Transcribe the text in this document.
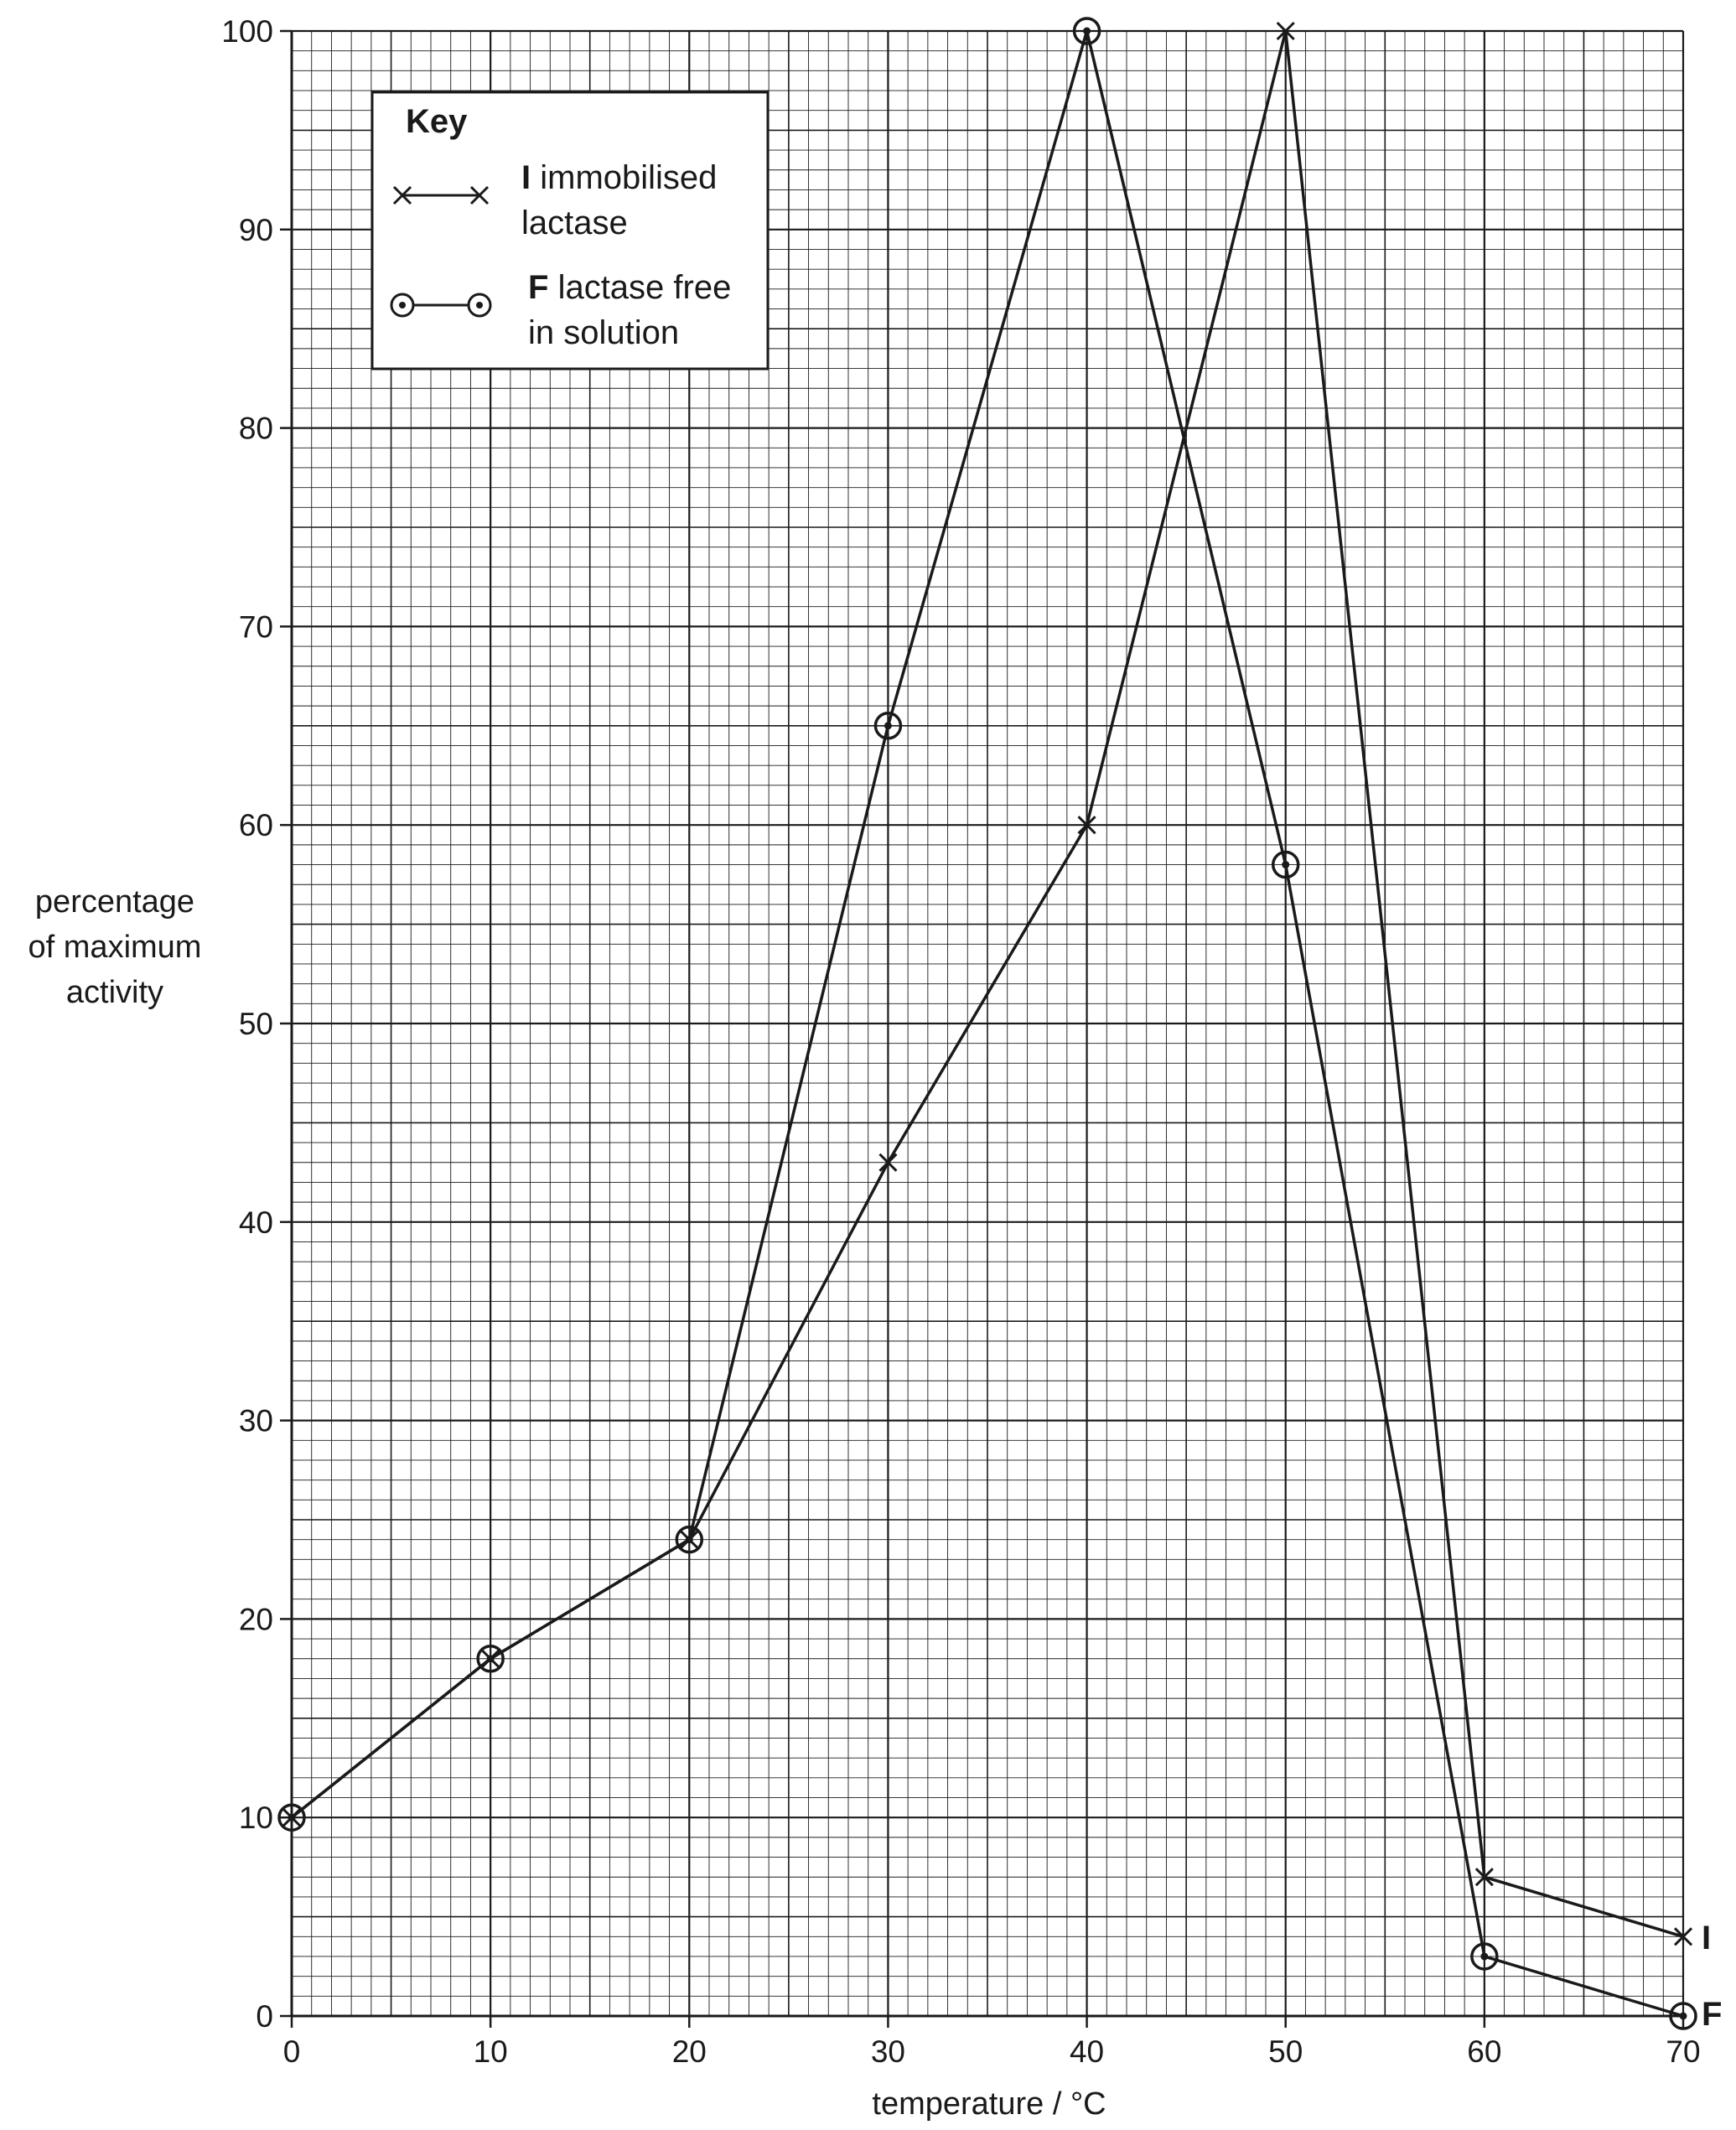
0	10	20	30	40	50	60	70
0
10
20
30
40
50
60
70
80
90
100
temperature / °C
percentage
of maximum
activity
I
F
Key
I immobilised
lactase
F lactase free
in solution
